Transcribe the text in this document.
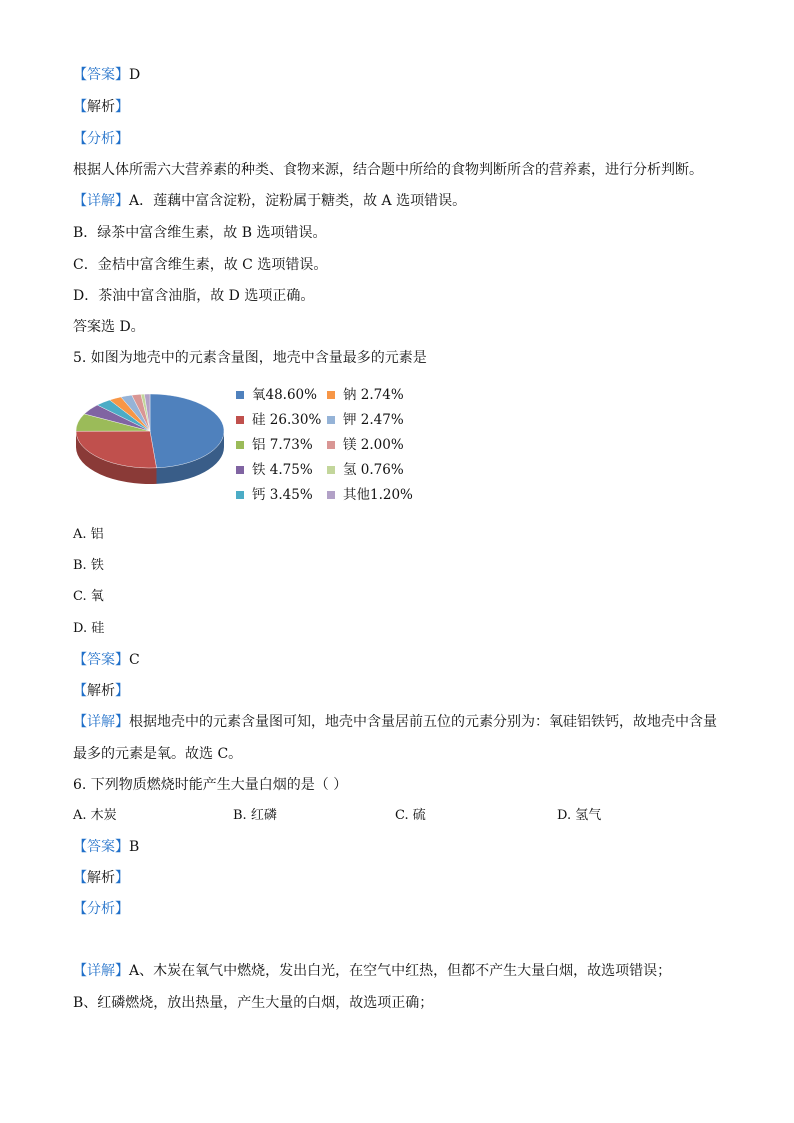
【答案】D
【解析】
【分析】
根据人体所需六大营养素的种类、食物来源，结合题中所给的食物判断所含的营养素，进行分析判断。
【详解】A．莲藕中富含淀粉，淀粉属于糖类，故 A 选项错误。
B．绿茶中富含维生素，故 B 选项错误。
C．金桔中富含维生素，故 C 选项错误。
D．茶油中富含油脂，故 D 选项正确。
答案选 D。
5. 如图为地壳中的元素含量图，地壳中含量最多的元素是
氧48.60%
硅 26.30%
铝 7.73%
铁 4.75%
钙 3.45%
钠 2.74%
钾 2.47%
镁 2.00%
氢 0.76%
其他1.20%
A. 铝
B. 铁
C. 氧
D. 硅
【答案】C
【解析】
【详解】根据地壳中的元素含量图可知，地壳中含量居前五位的元素分别为：氧硅铝铁钙，故地壳中含量
最多的元素是氧。故选 C。
6. 下列物质燃烧时能产生大量白烟的是（ ）
A. 木炭	B. 红磷	C. 硫	D. 氢气
【答案】B
【解析】
【分析】
【详解】A、木炭在氧气中燃烧，发出白光，在空气中红热，但都不产生大量白烟，故选项错误；
B、红磷燃烧，放出热量，产生大量的白烟，故选项正确；
